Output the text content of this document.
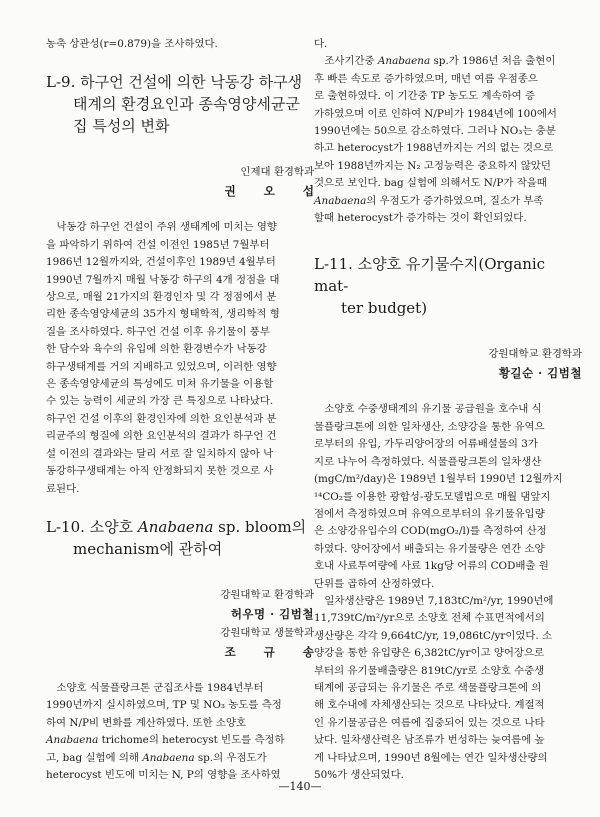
농축 상관성(r=0.879)을 조사하였다.

L-9. 하구언 건설에 의한 낙동강 하구생
태계의 환경요인과 종속영양세균군
집 특성의 변화

인제대 환경학과

권 오 섭

낙동강 하구언 건설이 주위 생태계에 미치는 영향

을 파악하기 위하여 건설 이전인 1985년 7월부터

1986년 12월까지와, 건설이후인 1989년 4월부터

1990년 7월까지 매월 낙동강 하구의 4개 정점을 대

상으로, 매월 21가지의 환경인자 및 각 정점에서 분

리한 종속영양세균의 35가지 형태학적, 생리학적 형

질을 조사하였다. 하구언 건설 이후 유기물이 풍부

한 담수와 육수의 유입에 의한 환경변수가 낙동강

하구생태계를 거의 지배하고 있었으며, 이러한 영향

은 종속영양세균의 특성에도 미쳐 유기물을 이용할

수 있는 능력이 세균의 가장 큰 특징으로 나타났다.

하구언 건설 이후의 환경인자에 의한 요인분석과 분

리균주의 형질에 의한 요인분석의 결과가 하구언 건

설 이전의 결과와는 달리 서로 잘 일치하지 않아 낙

동강하구생태계는 아직 안정화되지 못한 것으로 사

료된다.

L-10. 소양호 Anabaena sp. bloom의
mechanism에 관하여

강원대학교 환경학과

허우명 · 김범철

강원대학교 생물학과

조 규 송

소양호 식물플랑크톤 군집조사를 1984년부터

1990년까지 실시하였으며, TP 및 NO₃ 농도를 측정

하여 N/P비 변화를 계산하였다. 또한 소양호

Anabaena trichome의 heterocyst 빈도를 측정하

고, bag 실험에 의해 Anabaena sp.의 우점도가

heterocyst 빈도에 미치는 N, P의 영향을 조사하였

다.

조사기간중 Anabaena sp.가 1986년 처음 출현이

후 빠른 속도로 증가하였으며, 매년 여름 우점종으

로 출현하였다. 이 기간중 TP 농도도 계속하여 증

가하였으며 이로 인하여 N/P비가 1984년에 100에서

1990년에는 50으로 감소하였다. 그러나 NO₃는 충분

하고 heterocyst가 1988년까지는 거의 없는 것으로

보아 1988년까지는 N₂ 고정능력은 중요하지 않았던

것으로 보인다. bag 실험에 의해서도 N/P가 작을때

Anabaena의 우점도가 증가하였으며, 질소가 부족

할때 heterocyst가 증가하는 것이 확인되었다.

L-11. 소양호 유기물수지(Organic mat-
ter budget)

강원대학교 환경학과

황길순 · 김범철

소양호 수중생태계의 유기물 공급원을 호수내 식

물플랑크톤에 의한 일차생산, 소양강을 통한 유역으

로부터의 유입, 가두리양어장의 어류배설물의 3가

지로 나누어 측정하였다. 식물플랑크톤의 일차생산

(mgC/m²/day)은 1989년 1월부터 1990년 12월까지

¹⁴CO₂를 이용한 광합성-광도모델법으로 매월 댐앞지

점에서 측정하였으며 유역으로부터의 유기물유입량

은 소양강유입수의 COD(mgO₂/l)를 측정하여 산정

하였다. 양어장에서 배출되는 유기물량은 연간 소양

호내 사료투여량에 사료 1kg당 어류의 COD배출 원

단위를 곱하여 산정하였다.

일차생산량은 1989년 7,183tC/m²/yr, 1990년에

11,739tC/m²/yr으로 소양호 전체 수표면적에서의

생산량은 각각 9,664tC/yr, 19,086tC/yr이었다. 소

양강을 통한 유입량은 6,382tC/yr이고 양어장으로

부터의 유기물배출량은 819tC/yr로 소양호 수중생

태계에 공급되는 유기물은 주로 색물플랑크톤에 의

해 호수내에 자체생산되는 것으로 나타났다. 계절적

인 유기물공급은 여름에 집중되어 있는 것으로 나타

났다. 일차생산력은 남조류가 번성하는 늦여름에 높

게 나타났으며, 1990년 8월에는 연간 일차생산량의

50%가 생산되었다.

—140—
